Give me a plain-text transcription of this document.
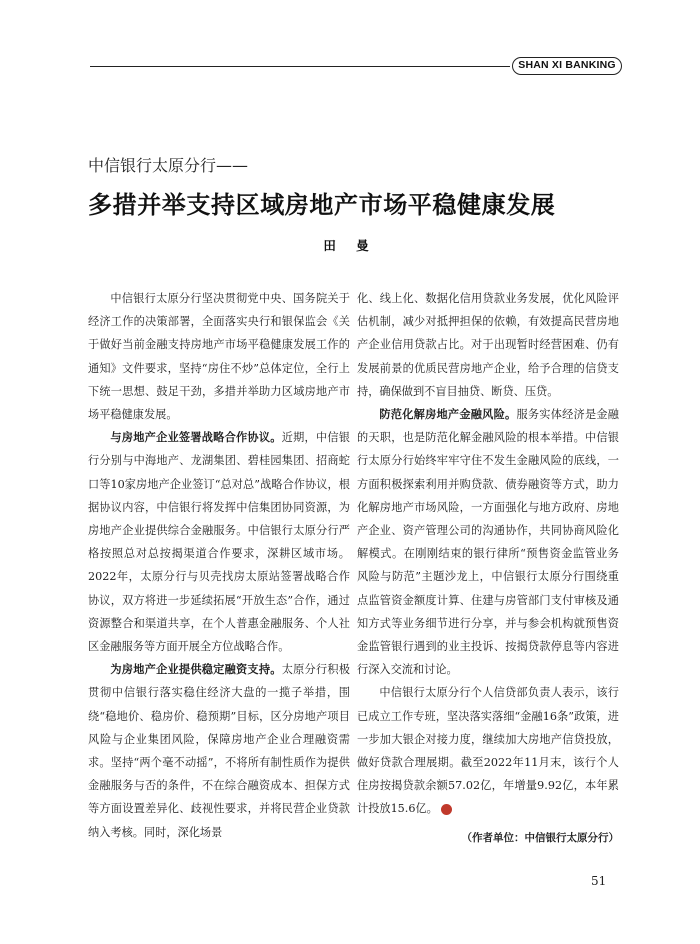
SHAN XI BANKING
中信银行太原分行——
多措并举支持区域房地产市场平稳健康发展
田 曼

中信银行太原分行坚决贯彻党中央、国务院关于经济工作的决策部署，全面落实央行和银保监会《关于做好当前金融支持房地产市场平稳健康发展工作的通知》文件要求，坚持“房住不炒”总体定位，全行上下统一思想、鼓足干劲，多措并举助力区域房地产市场平稳健康发展。

与房地产企业签署战略合作协议。近期，中信银行分别与中海地产、龙湖集团、碧桂园集团、招商蛇口等10家房地产企业签订“总对总”战略合作协议，根据协议内容，中信银行将发挥中信集团协同资源，为房地产企业提供综合金融服务。中信银行太原分行严格按照总对总按揭渠道合作要求，深耕区域市场。2022年，太原分行与贝壳找房太原站签署战略合作协议，双方将进一步延续拓展“开放生态”合作，通过资源整合和渠道共享，在个人普惠金融服务、个人社区金融服务等方面开展全方位战略合作。

为房地产企业提供稳定融资支持。太原分行积极贯彻中信银行落实稳住经济大盘的一揽子举措，围绕“稳地价、稳房价、稳预期”目标，区分房地产项目风险与企业集团风险，保障房地产企业合理融资需求。坚持“两个毫不动摇”，不将所有制性质作为提供金融服务与否的条件，不在综合融资成本、担保方式等方面设置差异化、歧视性要求，并将民营企业贷款纳入考核。同时，深化场景

化、线上化、数据化信用贷款业务发展，优化风险评估机制，减少对抵押担保的依赖，有效提高民营房地产企业信用贷款占比。对于出现暂时经营困难、仍有发展前景的优质民营房地产企业，给予合理的信贷支持，确保做到不盲目抽贷、断贷、压贷。

防范化解房地产金融风险。服务实体经济是金融的天职，也是防范化解金融风险的根本举措。中信银行太原分行始终牢牢守住不发生金融风险的底线，一方面积极探索利用并购贷款、债券融资等方式，助力化解房地产市场风险，一方面强化与地方政府、房地产企业、资产管理公司的沟通协作，共同协商风险化解模式。在刚刚结束的银行律所“预售资金监管业务风险与防范”主题沙龙上，中信银行太原分行围绕重点监管资金额度计算、住建与房管部门支付审核及通知方式等业务细节进行分享，并与参会机构就预售资金监管银行遇到的业主投诉、按揭贷款停息等内容进行深入交流和讨论。

中信银行太原分行个人信贷部负责人表示，该行已成立工作专班，坚决落实落细“金融16条”政策，进一步加大银企对接力度，继续加大房地产信贷投放，做好贷款合理展期。截至2022年11月末，该行个人住房按揭贷款余额57.02亿，年增量9.92亿，本年累计投放15.6亿。	管

（作者单位：中信银行太原分行）
51
